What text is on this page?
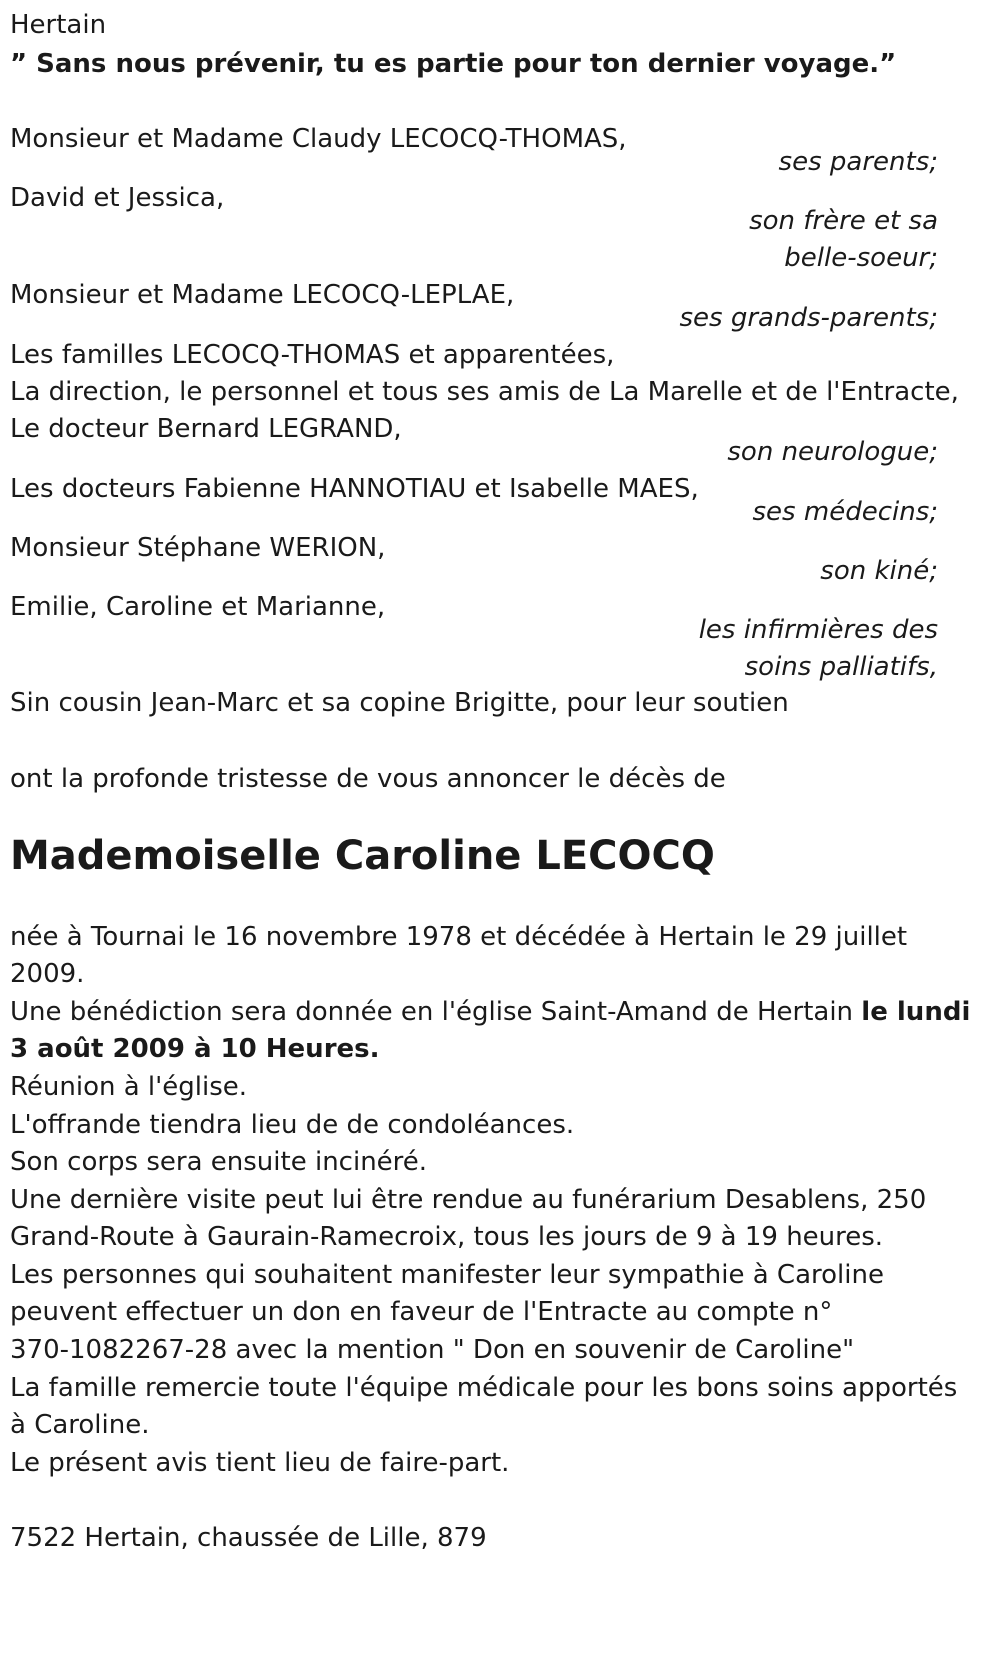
Hertain
” Sans nous prévenir, tu es partie pour ton dernier voyage.”
Monsieur et Madame Claudy LECOCQ-THOMAS,
ses parents;
David et Jessica,
son frère et sa
belle-soeur;
Monsieur et Madame LECOCQ-LEPLAE,
ses grands-parents;
Les familles LECOCQ-THOMAS et apparentées,
La direction, le personnel et tous ses amis de La Marelle et de l'Entracte,
Le docteur Bernard LEGRAND,
son neurologue;
Les docteurs Fabienne HANNOTIAU et Isabelle MAES,
ses médecins;
Monsieur Stéphane WERION,
son kiné;
Emilie, Caroline et Marianne,
les infirmières des
soins palliatifs,
Sin cousin Jean-Marc et sa copine Brigitte, pour leur soutien
ont la profonde tristesse de vous annoncer le décès de
Mademoiselle Caroline LECOCQ
née à Tournai le 16 novembre 1978 et décédée à Hertain le 29 juillet
2009.
Une bénédiction sera donnée en l'église Saint-Amand de Hertain le lundi
3 août 2009 à 10 Heures.
Réunion à l'église.
L'offrande tiendra lieu de de condoléances.
Son corps sera ensuite incinéré.
Une dernière visite peut lui être rendue au funérarium Desablens, 250
Grand-Route à Gaurain-Ramecroix, tous les jours de 9 à 19 heures.
Les personnes qui souhaitent manifester leur sympathie à Caroline
peuvent effectuer un don en faveur de l'Entracte au compte n°
370-1082267-28 avec la mention " Don en souvenir de Caroline"
La famille remercie toute l'équipe médicale pour les bons soins apportés
à Caroline.
Le présent avis tient lieu de faire-part.
7522 Hertain, chaussée de Lille, 879
